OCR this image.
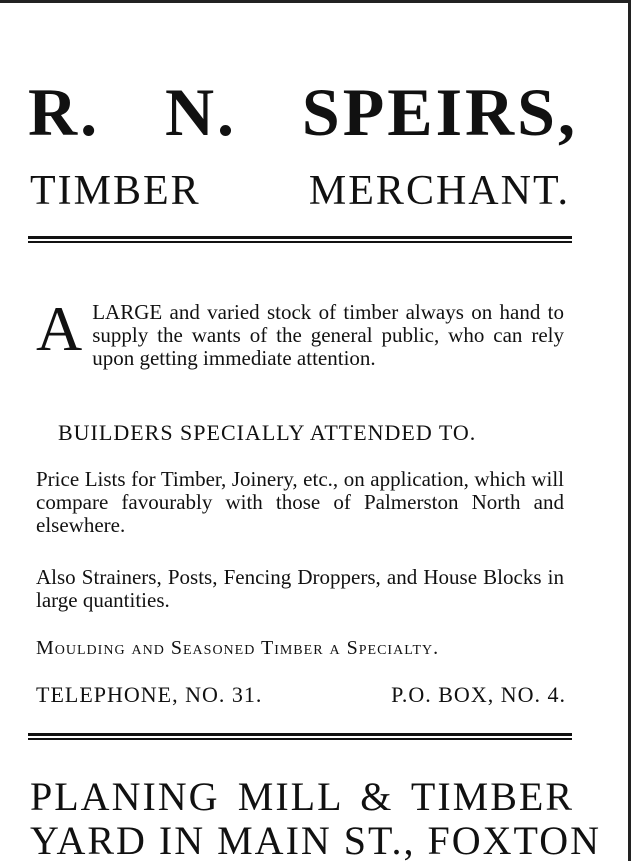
R. N. SPEIRS,
TIMBER MERCHANT.
A LARGE and varied stock of timber always on hand to supply the wants of the general public, who can rely upon getting immediate attention.
BUILDERS SPECIALLY ATTENDED TO.
Price Lists for Timber, Joinery, etc., on application, which will compare favourably with those of Palmerston North and elsewhere.
Also Strainers, Posts, Fencing Droppers, and House Blocks in large quantities.
Moulding and Seasoned Timber a Specialty.
TELEPHONE, NO. 31.	P.O. BOX, NO. 4.
PLANING MILL & TIMBER
YARD IN MAIN ST., FOXTON
